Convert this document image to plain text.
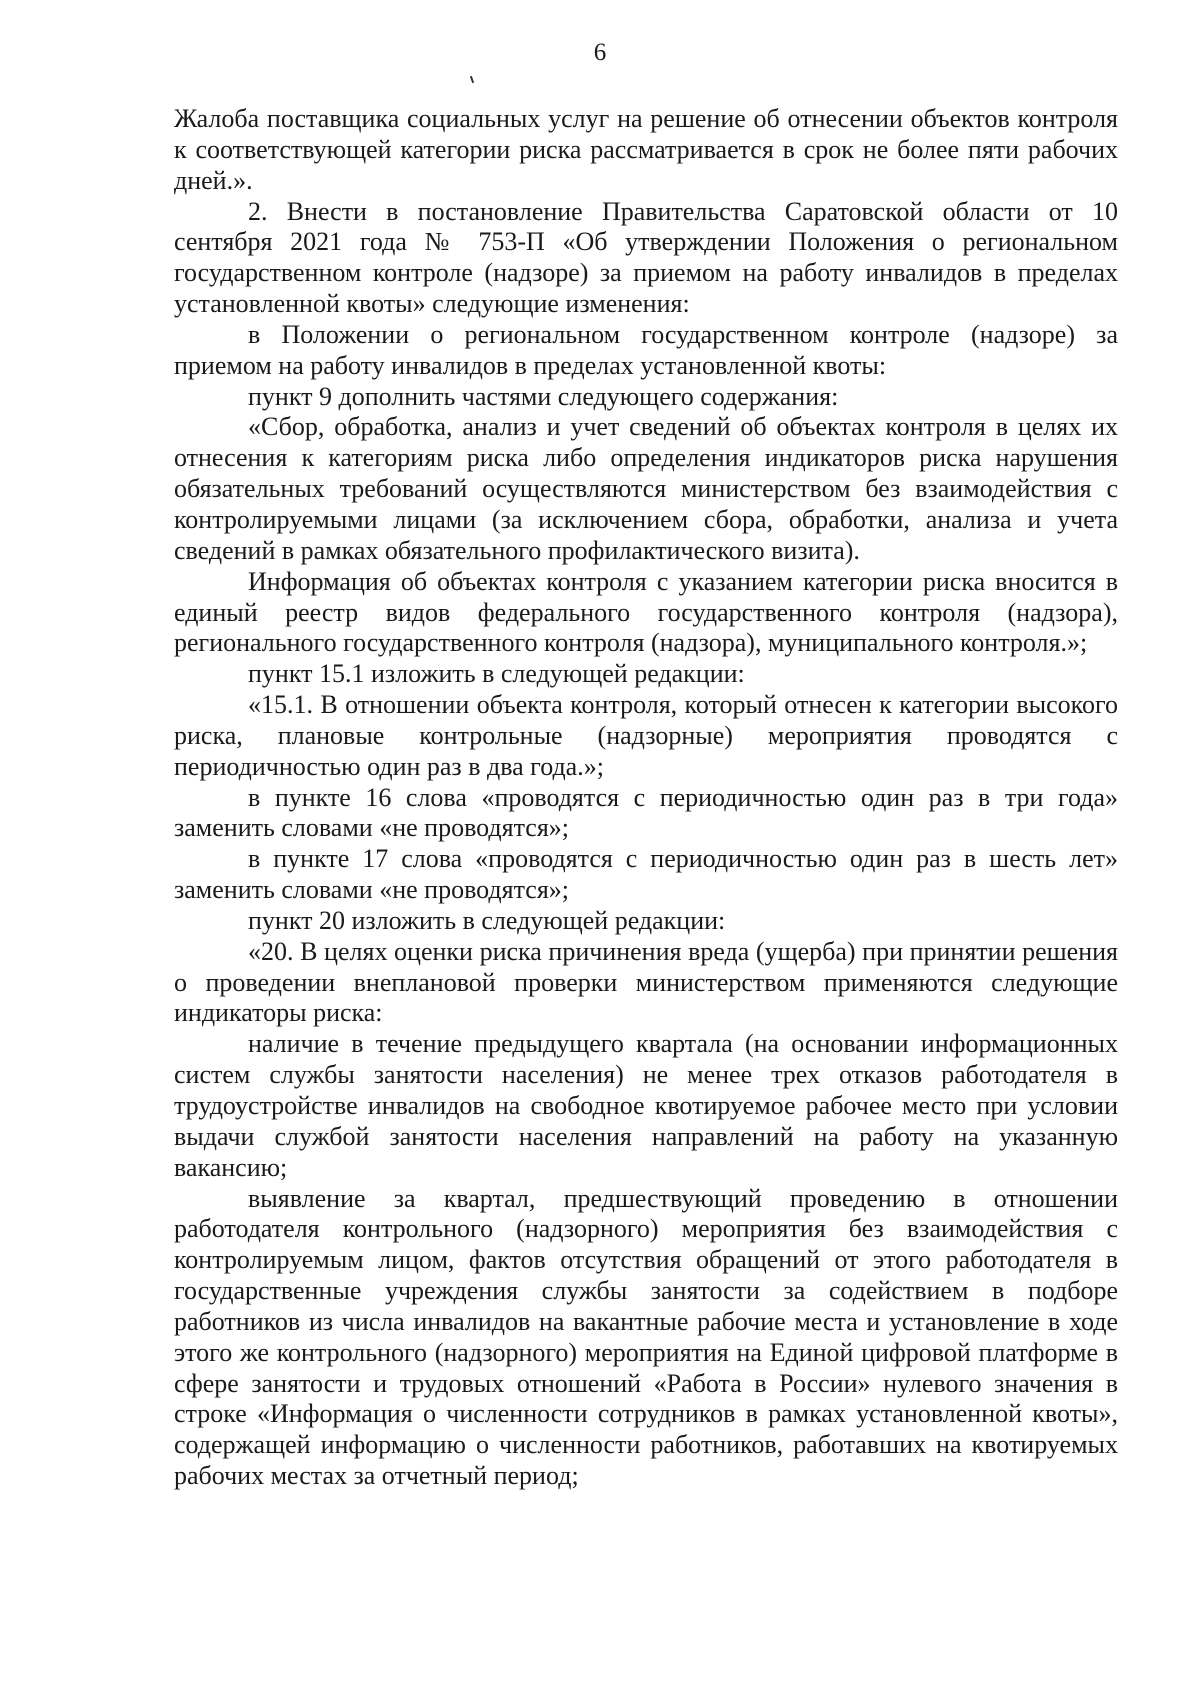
6

Жалоба поставщика социальных услуг на решение об отнесении объектов контроля к соответствующей категории риска рассматривается в срок не более пяти рабочих дней.».

2. Внести в постановление Правительства Саратовской области от 10 сентября 2021 года № 753-П «Об утверждении Положения о региональном государственном контроле (надзоре) за приемом на работу инвалидов в пределах установленной квоты» следующие изменения:

в Положении о региональном государственном контроле (надзоре) за приемом на работу инвалидов в пределах установленной квоты:

пункт 9 дополнить частями следующего содержания:

«Сбор, обработка, анализ и учет сведений об объектах контроля в целях их отнесения к категориям риска либо определения индикаторов риска нарушения обязательных требований осуществляются министерством без взаимодействия с контролируемыми лицами (за исключением сбора, обработки, анализа и учета сведений в рамках обязательного профилактического визита).

Информация об объектах контроля с указанием категории риска вносится в единый реестр видов федерального государственного контроля (надзора), регионального государственного контроля (надзора), муниципального контроля.»;

пункт 15.1 изложить в следующей редакции:

«15.1. В отношении объекта контроля, который отнесен к категории высокого риска, плановые контрольные (надзорные) мероприятия проводятся с периодичностью один раз в два года.»;

в пункте 16 слова «проводятся с периодичностью один раз в три года» заменить словами «не проводятся»;

в пункте 17 слова «проводятся с периодичностью один раз в шесть лет» заменить словами «не проводятся»;

пункт 20 изложить в следующей редакции:

«20. В целях оценки риска причинения вреда (ущерба) при принятии решения о проведении внеплановой проверки министерством применяются следующие индикаторы риска:

наличие в течение предыдущего квартала (на основании информационных систем службы занятости населения) не менее трех отказов работодателя в трудоустройстве инвалидов на свободное квотируемое рабочее место при условии выдачи службой занятости населения направлений на работу на указанную вакансию;

выявление за квартал, предшествующий проведению в отношении работодателя контрольного (надзорного) мероприятия без взаимодействия с контролируемым лицом, фактов отсутствия обращений от этого работодателя в государственные учреждения службы занятости за содействием в подборе работников из числа инвалидов на вакантные рабочие места и установление в ходе этого же контрольного (надзорного) мероприятия на Единой цифровой платформе в сфере занятости и трудовых отношений «Работа в России» нулевого значения в строке «Информация о численности сотрудников в рамках установленной квоты», содержащей информацию о численности работников, работавших на квотируемых рабочих местах за отчетный период;
